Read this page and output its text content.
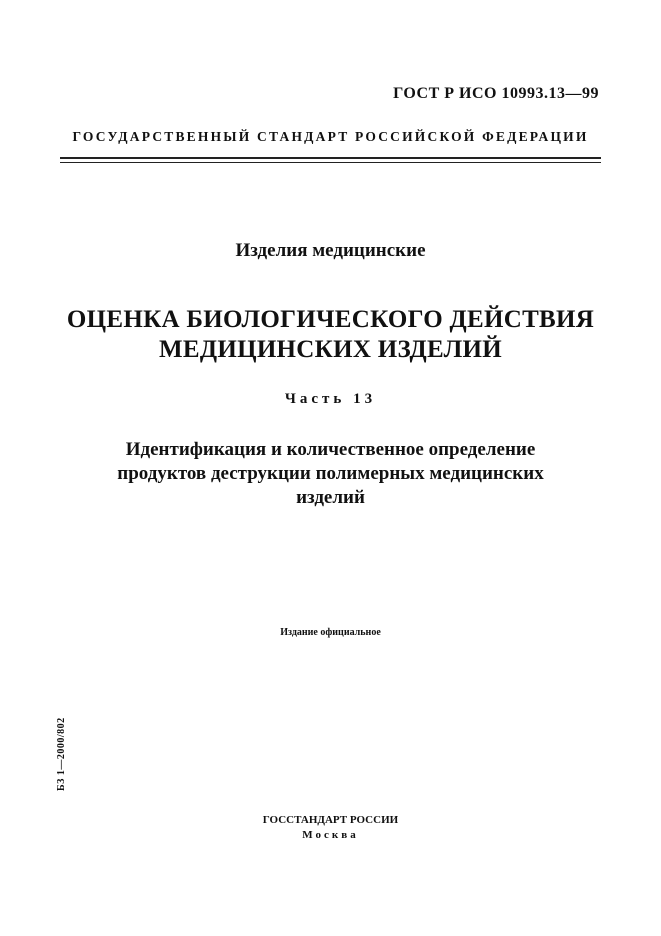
ГОСТ Р ИСО 10993.13—99
ГОСУДАРСТВЕННЫЙ СТАНДАРТ РОССИЙСКОЙ ФЕДЕРАЦИИ
Изделия медицинские
ОЦЕНКА БИОЛОГИЧЕСКОГО ДЕЙСТВИЯ
МЕДИЦИНСКИХ ИЗДЕЛИЙ
Часть 13
Идентификация и количественное определение
продуктов деструкции полимерных медицинских
изделий
Издание официальное
БЗ 1—2000/802
ГОССТАНДАРТ РОССИИ
Москва
